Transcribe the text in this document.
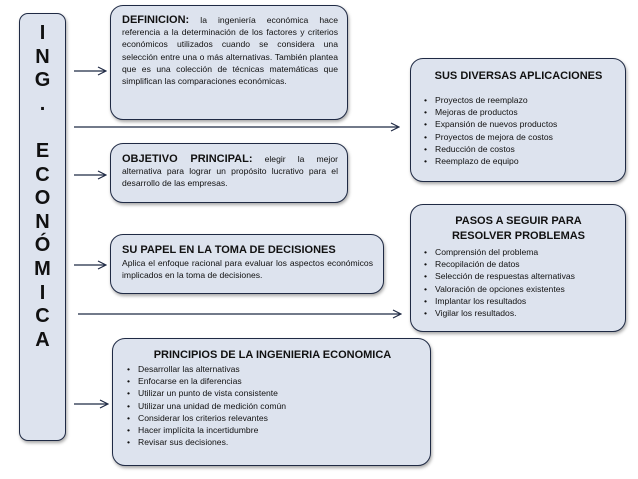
I
N
G
.
E
C
O
N
Ó
M
I
C
A
DEFINICION: la ingeniería económica hace referencia a la determinación de los factores y criterios económicos utilizados cuando se considera una selección entre una o más alternativas. También plantea que es una colección de técnicas matemáticas que simplifican las comparaciones económicas.
OBJETIVO PRINCIPAL: elegir la mejor alternativa para lograr un propósito lucrativo para el desarrollo de las empresas.
SU PAPEL EN LA TOMA DE DECISIONES
Aplica el enfoque racional para evaluar los aspectos económicos implicados en la toma de decisiones.
PRINCIPIOS DE LA INGENIERIA ECONOMICA
• Desarrollar las alternativas
• Enfocarse en la diferencias
• Utilizar un punto de vista consistente
• Utilizar una unidad de medición común
• Considerar los criterios relevantes
• Hacer implícita la incertidumbre
• Revisar sus decisiones.
SUS DIVERSAS APLICACIONES
• Proyectos de reemplazo
• Mejoras de productos
• Expansión de nuevos productos
• Proyectos de mejora de costos
• Reducción de costos
• Reemplazo de equipo
PASOS A SEGUIR PARA
RESOLVER PROBLEMAS
• Comprensión del problema
• Recopilación de datos
• Selección de respuestas alternativas
• Valoración de opciones existentes
• Implantar los resultados
• Vigilar los resultados.
